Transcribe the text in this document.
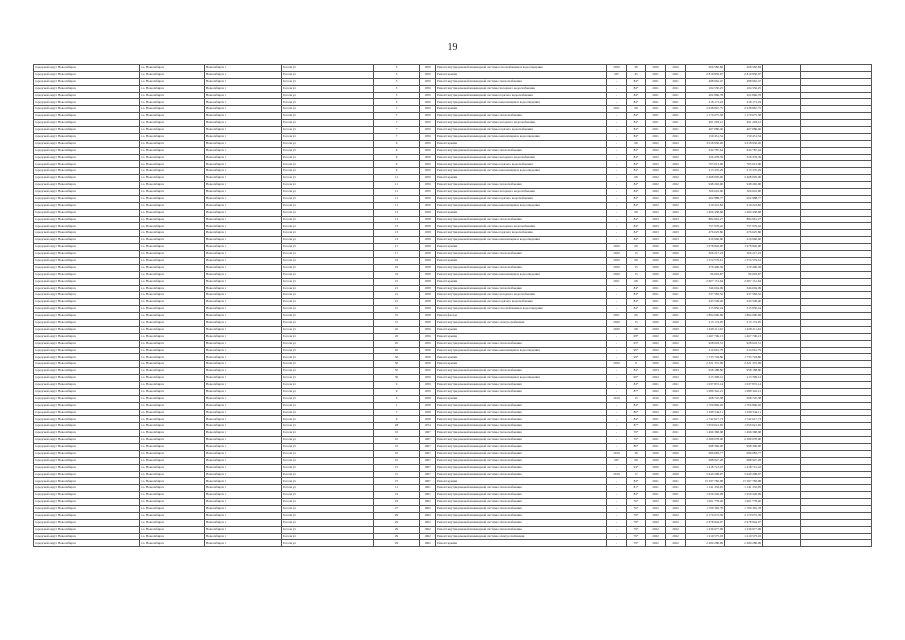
19
городской округ Новосибирск	г.о. Новосибирск	Новосибирск г	Гоголя ул	5	1950	Ремонт внутридомовой инженерной системы газоснабжения и водоотведения	2020	38	2020	2020	266 582,84	266 582,84		
городской округ Новосибирск	г.о. Новосибирск	Новосибирск г	Гоголя ул	5	1950	Ремонт крыши	207	45	2021	2021	2 819 850,97	2 819 850,97		
городской округ Новосибирск	г.о. Новосибирск	Новосибирск г	Гоголя ул	5	1950	Ремонт внутридомовой инженерной системы теплоснабжения	-	84*	2021	2021	498 062,47	498 062,47		
городской округ Новосибирск	г.о. Новосибирск	Новосибирск г	Гоголя ул	5	1950	Ремонт внутридомовой инженерной системы холодного водоснабжения	-	84*	2021	2021	104 550,25	104 550,25		
городской округ Новосибирск	г.о. Новосибирск	Новосибирск г	Гоголя ул	5	1950	Ремонт внутридомовой инженерной системы горячего водоснабжения	-	84*	2021	2021	202 866,78	202 866,78		
городской округ Новосибирск	г.о. Новосибирск	Новосибирск г	Гоголя ул	5	1950	Ремонт внутридомовой инженерной системы канализации и водоотведения	-	84*	2021	2021	218 171,24	218 171,24		
городской округ Новосибирск	г.о. Новосибирск	Новосибирск г	Гоголя ул	7	1950	Ремонт крыши	2021	68	2021	2021	2 638 867,75	2 638 867,75		
городской округ Новосибирск	г.о. Новосибирск	Новосибирск г	Гоголя ул	7	1950	Ремонт внутридомовой инженерной системы теплоснабжения	-	84*	2021	2021	1 170 675,58	1 170 675,58		
городской округ Новосибирск	г.о. Новосибирск	Новосибирск г	Гоголя ул	7	1950	Ремонт внутридомовой инженерной системы холодного водоснабжения	-	84*	2021	2021	491 293,12	491 293,12		
городской округ Новосибирск	г.о. Новосибирск	Новосибирск г	Гоголя ул	7	1950	Ремонт внутридомовой инженерной системы горячего водоснабжения	-	84*	2021	2021	407 086,40	407 086,40		
городской округ Новосибирск	г.о. Новосибирск	Новосибирск г	Гоголя ул	7	1950	Ремонт внутридомовой инженерной системы канализации и водоотведения	-	84*	2021	2021	159 451,54	159 451,54		
городской округ Новосибирск	г.о. Новосибирск	Новосибирск г	Гоголя ул	9	1950	Ремонт крыши	-	68	2022	2022	3 018 950,20	3 018 950,20		
городской округ Новосибирск	г.о. Новосибирск	Новосибирск г	Гоголя ул	9	1950	Ремонт внутридомовой инженерной системы теплоснабжения	-	84*	2022	2022	634 787,64	634 787,64		
городской округ Новосибирск	г.о. Новосибирск	Новосибирск г	Гоголя ул	9	1950	Ремонт внутридомовой инженерной системы холодного водоснабжения	-	84*	2022	2022	326 478,39	326 478,39		
городской округ Новосибирск	г.о. Новосибирск	Новосибирск г	Гоголя ул	9	1950	Ремонт внутридомовой инженерной системы горячего водоснабжения	-	84*	2022	2022	705 613,00	705 613,00		
городской округ Новосибирск	г.о. Новосибирск	Новосибирск г	Гоголя ул	9	1950	Ремонт внутридомовой инженерной системы канализации и водоотведения	-	84*	2022	2022	213 376,29	213 376,29		
городской округ Новосибирск	г.о. Новосибирск	Новосибирск г	Гоголя ул	11	1950	Ремонт крыши	-	68	2022	2022	2 468 005,00	2 468 005,00		
городской округ Новосибирск	г.о. Новосибирск	Новосибирск г	Гоголя ул	11	1950	Ремонт внутридомовой инженерной системы теплоснабжения	-	84*	2022	2022	948 292,96	948 292,96		
городской округ Новосибирск	г.о. Новосибирск	Новосибирск г	Гоголя ул	11	1950	Ремонт внутридомовой инженерной системы холодного водоснабжения	-	84*	2022	2022	306 616,90	306 616,90		
городской округ Новосибирск	г.о. Новосибирск	Новосибирск г	Гоголя ул	11	1950	Ремонт внутридомовой инженерной системы горячего водоснабжения	-	84*	2022	2022	202 988,77	202 988,77		
городской округ Новосибирск	г.о. Новосибирск	Новосибирск г	Гоголя ул	11	1950	Ремонт внутридомовой инженерной системы канализации и водоотведения	-	84*	2022	2022	219 241,82	219 241,82		
городской округ Новосибирск	г.о. Новосибирск	Новосибирск г	Гоголя ул	13	1958	Ремонт крыши	-	68	2022	2022	1 400 458,68	1 400 458,68		
городской округ Новосибирск	г.о. Новосибирск	Новосибирск г	Гоголя ул	13	1958	Ремонт внутридомовой инженерной системы теплоснабжения	-	84*	2023	2023	884 961,27	884 961,27		
городской округ Новосибирск	г.о. Новосибирск	Новосибирск г	Гоголя ул	13	1958	Ремонт внутридомовой инженерной системы холодного водоснабжения	-	84*	2023	2023	757 979,42	757 979,42		
городской округ Новосибирск	г.о. Новосибирск	Новосибирск г	Гоголя ул	13	1958	Ремонт внутридомовой инженерной системы горячего водоснабжения	-	84*	2023	2023	476 625,86	476 625,86		
городской округ Новосибирск	г.о. Новосибирск	Новосибирск г	Гоголя ул	13	1958	Ремонт внутридомовой инженерной системы канализации и водоотведения	-	84*	2023	2023	410 960,60	410 960,60		
городской округ Новосибирск	г.о. Новосибирск	Новосибирск г	Гоголя ул	17	1958	Ремонт крыши	2020	68	2020	2020	1 978 826,90	1 978 826,90		
городской округ Новосибирск	г.о. Новосибирск	Новосибирск г	Гоголя ул	17	1958	Ремонт внутридомовой инженерной системы теплоснабжения	2020	15	2020	2020	306 217,23	306 217,23		
городской округ Новосибирск	г.о. Новосибирск	Новосибирск г	Гоголя ул	19	1958	Ремонт крыши	2020	68	2020	2020	1 574 579,61	1 574 579,61		
городской округ Новосибирск	г.о. Новосибирск	Новосибирск г	Гоголя ул	19	1958	Ремонт внутридомовой инженерной системы теплоснабжения	2020	15	2020	2020	279 406,39	279 406,39		
городской округ Новосибирск	г.о. Новосибирск	Новосибирск г	Гоголя ул	19	1958	Ремонт внутридомовой инженерной системы канализации и водоотведения	2020	15	2020	2020	96 603,87	96 603,87		
городской округ Новосибирск	г.о. Новосибирск	Новосибирск г	Гоголя ул	21	1958	Ремонт крыши	2021	68	2021	2021	2 607 151,64	2 607 151,64		
городской округ Новосибирск	г.о. Новосибирск	Новосибирск г	Гоголя ул	21	1958	Ремонт внутридомовой инженерной системы теплоснабжения	-	84*	2021	2021	346 004,09	346 004,09		
городской округ Новосибирск	г.о. Новосибирск	Новосибирск г	Гоголя ул	21	1958	Ремонт внутридомовой инженерной системы холодного водоснабжения	-	84*	2021	2021	237 583,52	237 583,52		
городской округ Новосибирск	г.о. Новосибирск	Новосибирск г	Гоголя ул	21	1958	Ремонт внутридомовой инженерной системы горячего водоснабжения	-	84*	2021	2021	243 549,40	243 549,40		
городской округ Новосибирск	г.о. Новосибирск	Новосибирск г	Гоголя ул	21	1958	Ремонт внутридомовой инженерной системы газоснабжения и водоотведения	-	84*	2021	2021	315 850,24	315 850,24		
городской округ Новосибирск	г.о. Новосибирск	Новосибирск г	Гоголя ул	31	1958	Ремонт фасада	2021	66	2021	2021	1 894 000,69	1 894 000,69		
городской округ Новосибирск	г.о. Новосибирск	Новосибирск г	Гоголя ул	31	1958	Ремонт внутридомовой инженерной системы электроснабжения	2020	15	2020	2020	213 174,95	213 174,95		
городской округ Новосибирск	г.о. Новосибирск	Новосибирск г	Гоголя ул	45	1956	Ремонт крыши	2020	68	2020	2020	1 428 211,02	1 428 211,02		
городской округ Новосибирск	г.о. Новосибирск	Новосибирск г	Гоголя ул	45	1956	Ремонт крыши	-	68*	2022	2022	1 467 706,13	1 467 706,13		
городской округ Новосибирск	г.о. Новосибирск	Новосибирск г	Гоголя ул	45	1956	Ремонт внутридомовой инженерной системы теплоснабжения	-	65*	2022	2022	928 618,51	928 618,51		
городской округ Новосибирск	г.о. Новосибирск	Новосибирск г	Гоголя ул	45	1956	Ремонт внутридомовой инженерной системы канализации и водоотведения	-	99*	2022	2022	214 061,79	214 061,79		
городской округ Новосибирск	г.о. Новосибирск	Новосибирск г	Гоголя ул	50	1956	Ремонт крыши	-	99*	2022	2022	1 733 704,86	1 733 704,86		
городской округ Новосибирск	г.о. Новосибирск	Новосибирск г	Гоголя ул	50	1956	Ремонт крыши	2020	9	2020	2020	2 321 372,09	2 321 372,09		
городской округ Новосибирск	г.о. Новосибирск	Новосибирск г	Гоголя ул	50	1956	Ремонт внутридомовой инженерной системы теплоснабжения	-	84*	2023	2023	958 188,80	958 188,80		
городской округ Новосибирск	г.о. Новосибирск	Новосибирск г	Гоголя ул	50	1956	Ремонт внутридомовой инженерной системы канализации и водоотведения	-	90*	2022	2022	213 399,12	213 399,12		
городской округ Новосибирск	г.о. Новосибирск	Новосибирск г	Гоголя ул	9	1959	Ремонт внутридомовой инженерной системы теплоснабжения	-	84*	2021	2021	1 037 872,14	1 037 872,14		
городской округ Новосибирск	г.о. Новосибирск	Новосибирск г	Гоголя ул	9	1959	Ремонт внутридомовой инженерной системы теплоснабжения	-	87*	2022	2022	1 089 342,21	1 089 342,21		
городской округ Новосибирск	г.о. Новосибирск	Новосибирск г	Гоголя ул	5	1958	Ремонт крыши	2019	15	2019	2019	208 745,38	208 745,38		
городской округ Новосибирск	г.о. Новосибирск	Новосибирск г	Гоголя ул	1	1958	Ремонт внутридомовой инженерной системы теплоснабжения	-	84*	2021	2021	1 706 866,02	1 706 866,02		
городской округ Новосибирск	г.о. Новосибирск	Новосибирск г	Гоголя ул	7	1958	Ремонт внутридомовой инженерной системы теплоснабжения	-	80*	2022	2022	1 039 544,11	1 039 544,11		
городской округ Новосибирск	г.о. Новосибирск	Новосибирск г	Гоголя ул	9	1958	Ремонт внутридомовой инженерной системы теплоснабжения	-	84*	2021	2021	1 742 617,73	1 742 617,73		
городской округ Новосибирск	г.о. Новосибирск	Новосибирск г	Гоголя ул	28	1974	Ремонт внутридомовой инженерной системы теплоснабжения	-	87*	2021	2021	1 050 621,65	1 050 621,65		
городской округ Новосибирск	г.о. Новосибирск	Новосибирск г	Гоголя ул	10	1967	Ремонт внутридомовой инженерной системы теплоснабжения	-	79*	2021	2021	1 496 368,68	1 496 368,68		
городской округ Новосибирск	г.о. Новосибирск	Новосибирск г	Гоголя ул	10	1967	Ремонт внутридомовой инженерной системы теплоснабжения	-	76*	2021	2021	2 289 678,00	2 289 678,00		
городской округ Новосибирск	г.о. Новосибирск	Новосибирск г	Гоголя ул	10	1967	Ремонт внутридомовой инженерной системы теплоснабжения	-	80*	2021	2021	998 366,00	998 366,00		
городской округ Новосибирск	г.о. Новосибирск	Новосибирск г	Гоголя ул	10	1967	Ремонт внутридомовой инженерной системы теплоснабжения	2019	38	2020	2020	686 083,77	686 083,77		
городской округ Новосибирск	г.о. Новосибирск	Новосибирск г	Гоголя ул	10	1967	Ремонт внутридомовой инженерной системы теплоснабжения	207	68	2020	2020	988 947,28	988 947,28		
городской округ Новосибирск	г.о. Новосибирск	Новосибирск г	Гоголя ул	15	1967	Ремонт внутридомовой инженерной системы теплоснабжения	-	94*	2020	2020	1 418 712,43	1 418 712,43		
городской округ Новосибирск	г.о. Новосибирск	Новосибирск г	Гоголя ул	15	1967	Ремонт внутридомовой инженерной системы теплоснабжения	2019	17	2020	2020	5 640 208,97	5 640 208,97		
городской округ Новосибирск	г.о. Новосибирск	Новосибирск г	Гоголя ул	27	1967	Ремонт крыши	-	84*	2021	2021	15 597 782,98	15 597 782,98		
городской округ Новосибирск	г.о. Новосибирск	Новосибирск г	Гоголя ул	11	1961	Ремонт внутридомовой инженерной системы теплоснабжения	-	81*	2021	2021	1 141 332,95	1 141 332,95		
городской округ Новосибирск	г.о. Новосибирск	Новосибирск г	Гоголя ул	19	1961	Ремонт внутридомовой инженерной системы теплоснабжения	-	84*	2021	2021	1 056 226,09	1 056 226,09		
городской округ Новосибирск	г.о. Новосибирск	Новосибирск г	Гоголя ул	23	1962	Ремонт внутридомовой инженерной системы теплоснабжения	-	76*	2022	2022	1 901 778,40	1 901 778,40		
городской округ Новосибирск	г.о. Новосибирск	Новосибирск г	Гоголя ул	27	1962	Ремонт внутридомовой инженерной системы теплоснабжения	-	76*	2022	2022	1 709 365,78	1 709 365,78		
городской округ Новосибирск	г.о. Новосибирск	Новосибирск г	Гоголя ул	29	1962	Ремонт внутридомовой инженерной системы теплоснабжения	-	79*	2022	2022	2 170 072,39	2 170 072,39		
городской округ Новосибирск	г.о. Новосибирск	Новосибирск г	Гоголя ул	29	1962	Ремонт внутридомовой инженерной системы теплоснабжения	-	79*	2022	2022	2 678 944,07	2 678 944,07		
городской округ Новосибирск	г.о. Новосибирск	Новосибирск г	Гоголя ул	29	1962	Ремонт внутридомовой инженерной системы теплоснабжения	-	79*	2022	2022	1 236 977,99	1 236 977,99		
городской округ Новосибирск	г.о. Новосибирск	Новосибирск г	Гоголя ул	29	1962	Ремонт внутридомовой инженерной системы электроснабжения	-	79*	2022	2022	1 219 575,03	1 219 575,03		
городской округ Новосибирск	г.о. Новосибирск	Новосибирск г	Гоголя ул	29	1962	Ремонт крыши	-	79*	2022	2022	2 280 280,99	2 280 280,99		
